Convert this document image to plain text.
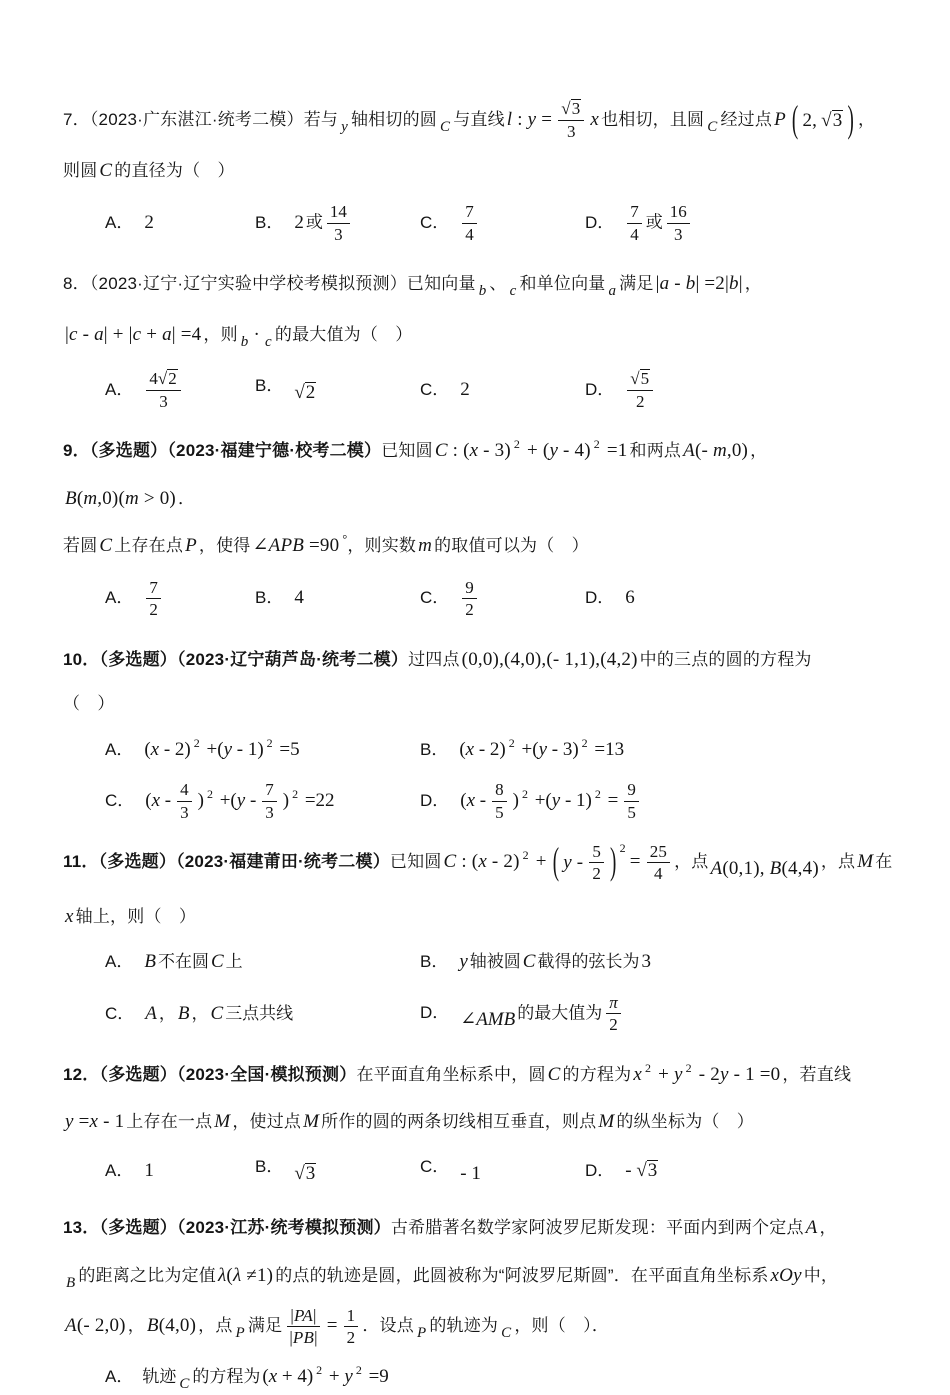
7．（2023·广东湛江·统考二模）若与 y 轴相切的圆 C 与直线 l : $y = \frac{√3}{3}$ x 也相切，且圆 C 经过点 P ( 2, √3 ) ，
则圆 C 的直径为（　）
A． 2	B． 2 或 $\frac{14}{3}$	C． $\frac{7}{4}$	D． $\frac{7}{4}$ 或 $\frac{16}{3}$
8．（2023·辽宁·辽宁实验中学校考模拟预测）已知向量 b 、 c 和单位向量 a 满足 |a - b| =2|b| ，
|c - a| + |c + a| =4 ，则 b · c 的最大值为（　）
A． $\frac{4√2}{3}$	B． √2	C． 2	D． $\frac{√5}{2}$
9．（多选题）（2023·福建宁德·校考二模）已知圆 C : (x - 3) $^2$ + (y - 4) $^2$ =1 和两点 A(- m,0) ，B(m,0)(m > 0) ．
若圆 C 上存在点 P ，使得 ∠APB =90 °，则实数 m 的取值可以为（　）
A． $\frac{7}{2}$	B． 4	C． $\frac{9}{2}$	D． 6
10．（多选题）（2023·辽宁葫芦岛·统考二模）过四点 (0,0),(4,0),(- 1,1),(4,2) 中的三点的圆的方程为
（　）
A． (x - 2) $^2$ +(y - 1) $^2$ =5	B． (x - 2) $^2$ +(y - 3) $^2$ =13
C． ($x - \frac{4}{3}$ ) $^2 +(y - \frac{7}{3}$ ) $^2$ =22	D． ($x - \frac{8}{5}$ ) $^2$ +(y - 1) $^2 = \frac{9}{5}$
11．（多选题）（2023·福建莆田·统考二模）已知圆 C : (x - 2) $^2$ + ( y - $\frac{5}{2}$ ) 2
= $\frac{25}{4}$ ，点 A(0,1), B(4,4) ，点 M 在
x 轴上，则（　）
A． B 不在圆 C 上	B． y 轴被圆 C 截得的弦长为 3
C． A ， B ， C 三点共线	D． ∠AMB 的最大值为 $\frac{\pi}{2}$
12．（多选题）（2023·全国·模拟预测）在平面直角坐标系中，圆 C 的方程为 x $^2$ + y $^2$ - 2y - 1 =0 ，若直线
y =x - 1 上存在一点 M ，使过点 M 所作的圆的两条切线相互垂直，则点 M 的纵坐标为（　）
A． 1	B． √3	C． - 1	D． - √3
13．（多选题）（2023·江苏·统考模拟预测）古希腊著名数学家阿波罗尼斯发现：平面内到两个定点 A ，
B 的距离之比为定值 λ(λ ≠1) 的点的轨迹是圆，此圆被称为“阿波罗尼斯圆”．在平面直角坐标系 xOy 中，
A(- 2,0) ， B(4,0) ，点 P 满足 $\frac{|PA|}{|PB|} = \frac{1}{2}$ ．设点 P 的轨迹为 C ，则（　）．
A． 轨迹 C 的方程为 (x + 4) $^2$ + y $^2$ =9
